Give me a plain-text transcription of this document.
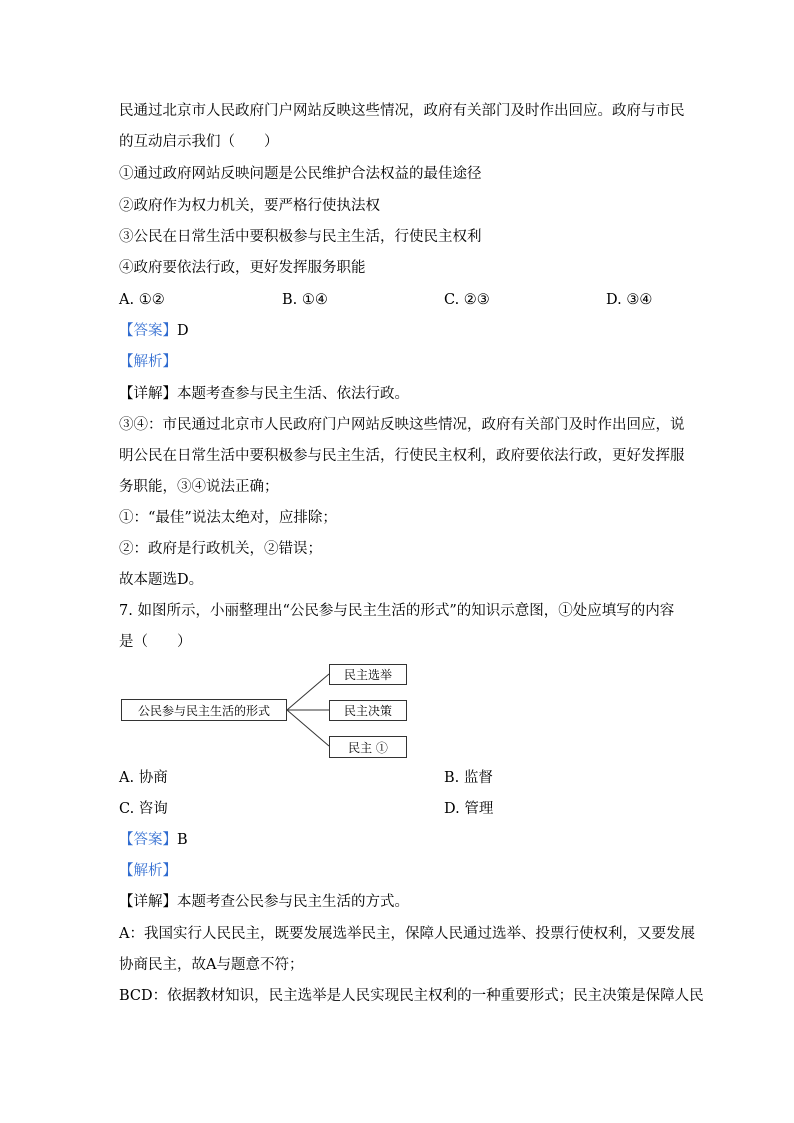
民通过北京市人民政府门户网站反映这些情况，政府有关部门及时作出回应。政府与市民
的互动启示我们（　　）
①通过政府网站反映问题是公民维护合法权益的最佳途径
②政府作为权力机关，要严格行使执法权
③公民在日常生活中要积极参与民主生活，行使民主权利
④政府要依法行政，更好发挥服务职能
A. ①②	B. ①④	C. ②③	D. ③④
【答案】D
【解析】
【详解】本题考查参与民主生活、依法行政。
③④：市民通过北京市人民政府门户网站反映这些情况，政府有关部门及时作出回应，说
明公民在日常生活中要积极参与民主生活，行使民主权利，政府要依法行政，更好发挥服
务职能，③④说法正确；
①：“最佳”说法太绝对，应排除；
②：政府是行政机关，②错误；
故本题选D。
7. 如图所示，小丽整理出“公民参与民主生活的形式”的知识示意图，①处应填写的内容
是（　　）
公民参与民主生活的形式
民主选举
民主决策
民主 ①
A. 协商	B. 监督
C. 咨询	D. 管理
【答案】B
【解析】
【详解】本题考查公民参与民主生活的方式。
A：我国实行人民民主，既要发展选举民主，保障人民通过选举、投票行使权利，又要发展
协商民主，故A与题意不符；
BCD：依据教材知识，民主选举是人民实现民主权利的一种重要形式；民主决策是保障人民
